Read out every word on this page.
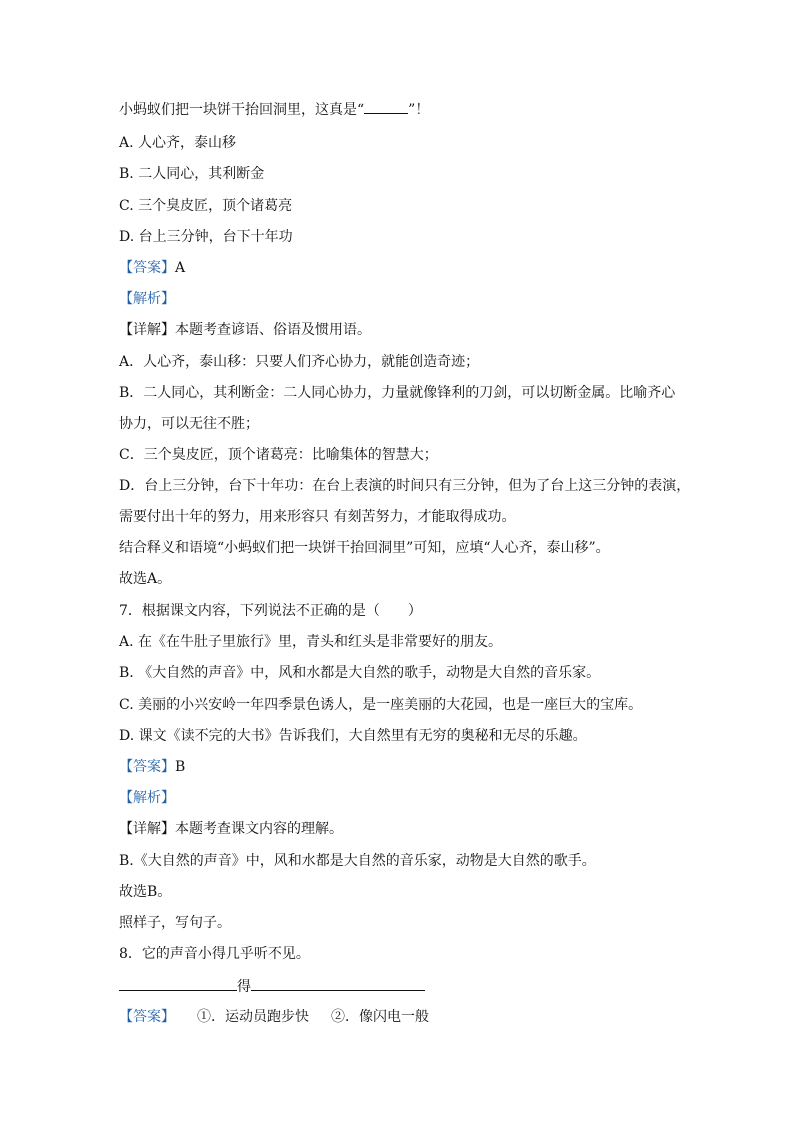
小蚂蚁们把一块饼干抬回洞里，这真是“	”！
A. 人心齐，泰山移
B. 二人同心，其利断金
C. 三个臭皮匠，顶个诸葛亮
D. 台上三分钟，台下十年功
【答案】A
【解析】
【详解】本题考查谚语、俗语及惯用语。
A．人心齐，泰山移：只要人们齐心协力，就能创造奇迹；
B．二人同心，其利断金：二人同心协力，力量就像锋利的刀剑，可以切断金属。比喻齐心
协力，可以无往不胜；
C．三个臭皮匠，顶个诸葛亮：比喻集体的智慧大；
D．台上三分钟，台下十年功：在台上表演的时间只有三分钟，但为了台上这三分钟的表演，
需要付出十年的努力，用来形容只 有刻苦努力，才能取得成功。
结合释义和语境“小蚂蚁们把一块饼干抬回洞里”可知，应填“人心齐，泰山移”。
故选A。
7．根据课文内容，下列说法不正确的是（　　）
A. 在《在牛肚子里旅行》里，青头和红头是非常要好的朋友。
B. 《大自然的声音》中，风和水都是大自然的歌手，动物是大自然的音乐家。
C. 美丽的小兴安岭一年四季景色诱人，是一座美丽的大花园，也是一座巨大的宝库。
D. 课文《读不完的大书》告诉我们，大自然里有无穷的奥秘和无尽的乐趣。
【答案】B
【解析】
【详解】本题考查课文内容的理解。
B.《大自然的声音》中，风和水都是大自然的音乐家，动物是大自然的歌手。
故选B。
照样子，写句子。
8．它的声音小得几乎听不见。
得
【答案】 ①．运动员跑步快 ②．像闪电一般
